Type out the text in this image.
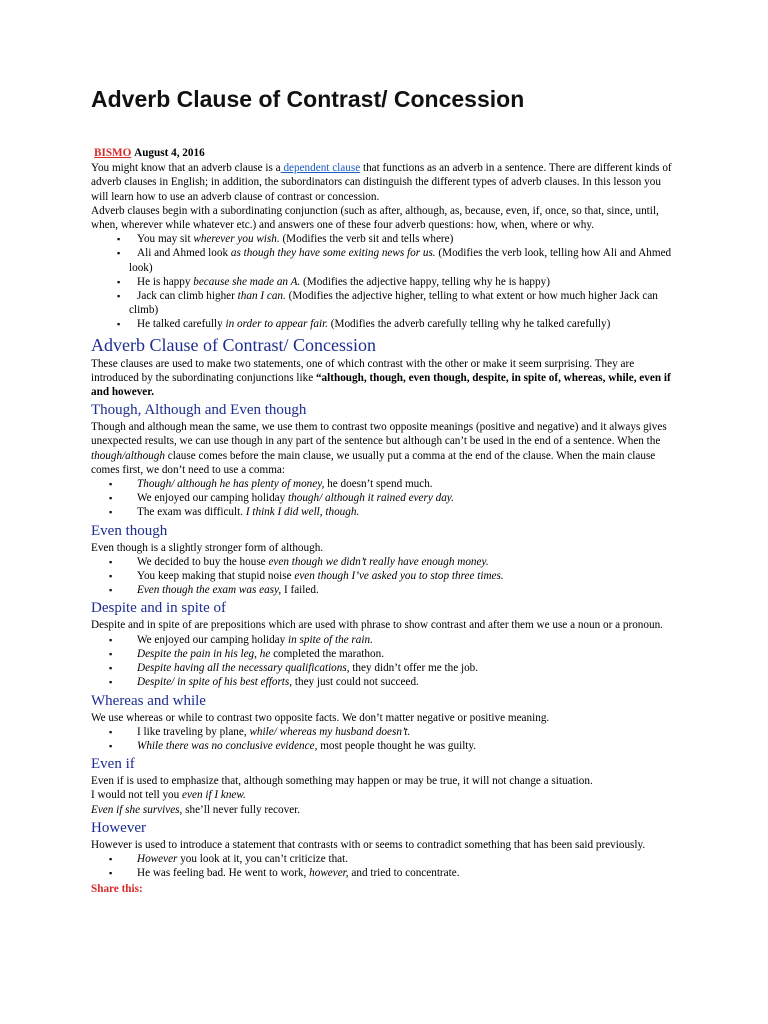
Adverb Clause of Contrast/ Concession
BISMO August 4, 2016

You might know that an adverb clause is a dependent clause that functions as an adverb in a sentence. There are different kinds of adverb clauses in English; in addition, the subordinators can distinguish the different types of adverb clauses. In this lesson you will learn how to use an adverb clause of contrast or concession.

Adverb clauses begin with a subordinating conjunction (such as after, although, as, because, even, if, once, so that, since, until, when, wherever while whatever etc.) and answers one of these four adverb questions: how, when, where or why.

▪ You may sit wherever you wish. (Modifies the verb sit and tells where)
▪ Ali and Ahmed look as though they have some exiting news for us. (Modifies the verb look, telling how Ali and Ahmed look)
▪ He is happy because she made an A. (Modifies the adjective happy, telling why he is happy)
▪ Jack can climb higher than I can. (Modifies the adjective higher, telling to what extent or how much higher Jack can climb)
▪ He talked carefully in order to appear fair. (Modifies the adverb carefully telling why he talked carefully)
Adverb Clause of Contrast/ Concession

These clauses are used to make two statements, one of which contrast with the other or make it seem surprising. They are introduced by the subordinating conjunctions like “although, though, even though, despite, in spite of, whereas, while, even if and however.

Though, Although and Even though

Though and although mean the same, we use them to contrast two opposite meanings (positive and negative) and it always gives unexpected results, we can use though in any part of the sentence but although can’t be used in the end of a sentence. When the though/although clause comes before the main clause, we usually put a comma at the end of the clause. When the main clause comes first, we don’t need to use a comma:

▪ Though/ although he has plenty of money, he doesn’t spend much.
▪ We enjoyed our camping holiday though/ although it rained every day.
▪ The exam was difficult. I think I did well, though.
Even though

Even though is a slightly stronger form of although.

▪ We decided to buy the house even though we didn’t really have enough money.
▪ You keep making that stupid noise even though I’ve asked you to stop three times.
▪ Even though the exam was easy, I failed.
Despite and in spite of

Despite and in spite of are prepositions which are used with phrase to show contrast and after them we use a noun or a pronoun.

▪ We enjoyed our camping holiday in spite of the rain.
▪ Despite the pain in his leg, he completed the marathon.
▪ Despite having all the necessary qualifications, they didn’t offer me the job.
▪ Despite/ in spite of his best efforts, they just could not succeed.
Whereas and while

We use whereas or while to contrast two opposite facts. We don’t matter negative or positive meaning.

▪ I like traveling by plane, while/ whereas my husband doesn’t.
▪ While there was no conclusive evidence, most people thought he was guilty.
Even if

Even if is used to emphasize that, although something may happen or may be true, it will not change a situation.

I would not tell you even if I knew.

Even if she survives, she’ll never fully recover.

However

However is used to introduce a statement that contrasts with or seems to contradict something that has been said previously.

▪ However you look at it, you can’t criticize that.
▪ He was feeling bad. He went to work, however, and tried to concentrate.
Share this:
